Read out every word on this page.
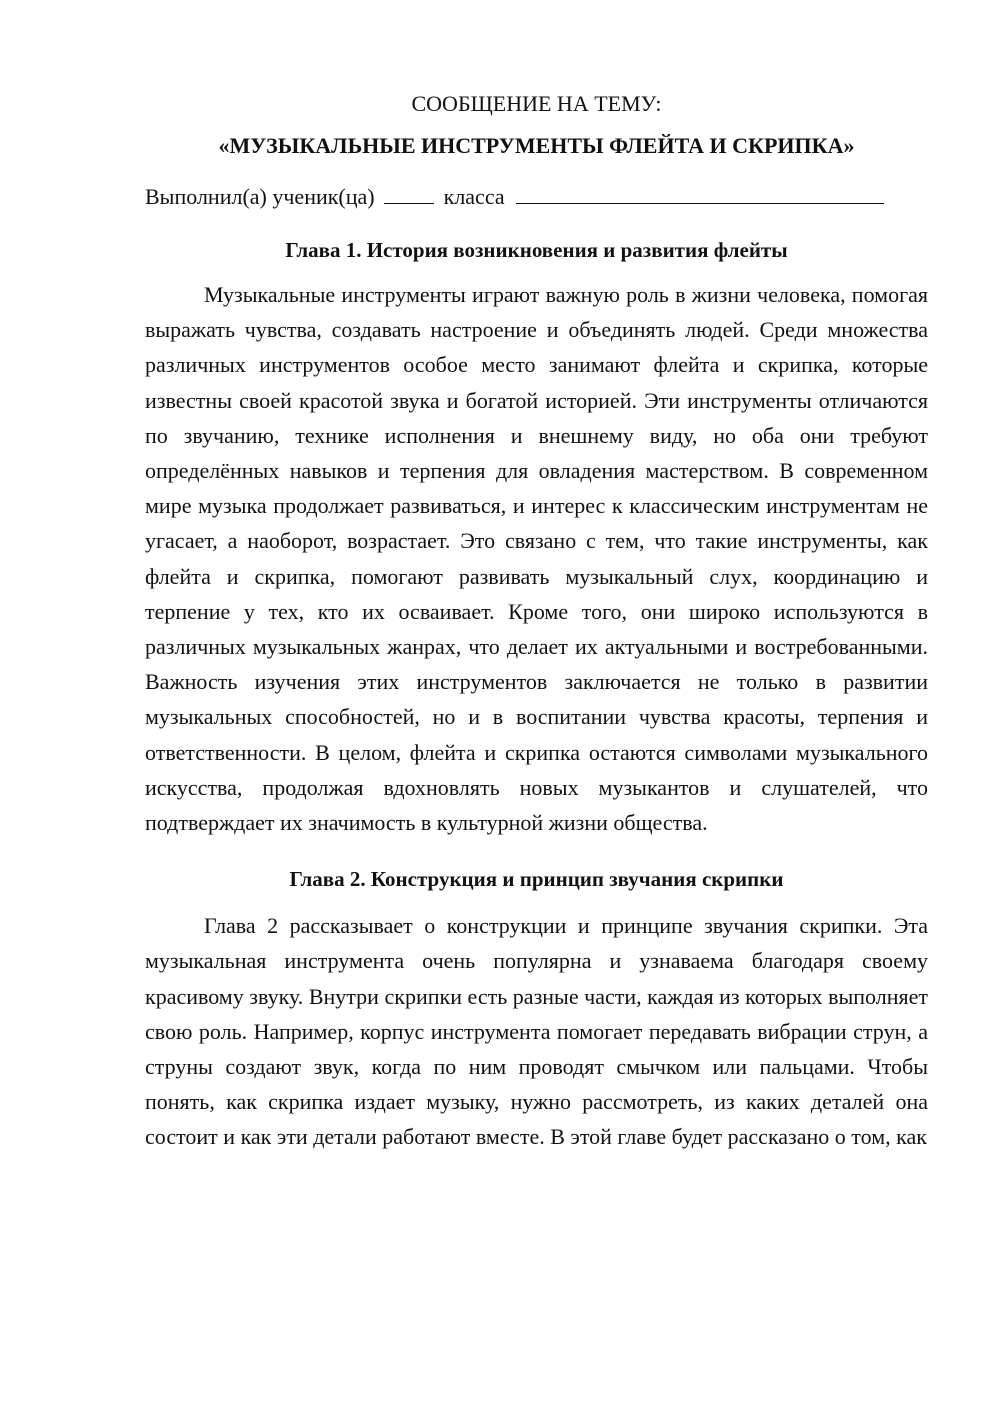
СООБЩЕНИЕ НА ТЕМУ:

«МУЗЫКАЛЬНЫЕ ИНСТРУМЕНТЫ ФЛЕЙТА И СКРИПКА»

Выполнил(а) ученик(ца)	класса

Глава 1. История возникновения и развития флейты

Музыкальные инструменты играют важную роль в жизни человека, помогая выражать чувства, создавать настроение и объединять людей. Среди множества различных инструментов особое место занимают флейта и скрипка, которые известны своей красотой звука и богатой историей. Эти инструменты отличаются по звучанию, технике исполнения и внешнему виду, но оба они требуют определённых навыков и терпения для овладения мастерством. В современном мире музыка продолжает развиваться, и интерес к классическим инструментам не угасает, а наоборот, возрастает. Это связано с тем, что такие инструменты, как флейта и скрипка, помогают развивать музыкальный слух, координацию и терпение у тех, кто их осваивает. Кроме того, они широко используются в различных музыкальных жанрах, что делает их актуальными и востребованными. Важность изучения этих инструментов заключается не только в развитии музыкальных способностей, но и в воспитании чувства красоты, терпения и ответственности. В целом, флейта и скрипка остаются символами музыкального искусства, продолжая вдохновлять новых музыкантов и слушателей, что подтверждает их значимость в культурной жизни общества.

Глава 2. Конструкция и принцип звучания скрипки

Глава 2 рассказывает о конструкции и принципе звучания скрипки. Эта музыкальная инструмента очень популярна и узнаваема благодаря своему красивому звуку. Внутри скрипки есть разные части, каждая из которых выполняет свою роль. Например, корпус инструмента помогает передавать вибрации струн, а струны создают звук, когда по ним проводят смычком или пальцами. Чтобы понять, как скрипка издает музыку, нужно рассмотреть, из каких деталей она состоит и как эти детали работают вместе. В этой главе будет рассказано о том, как
